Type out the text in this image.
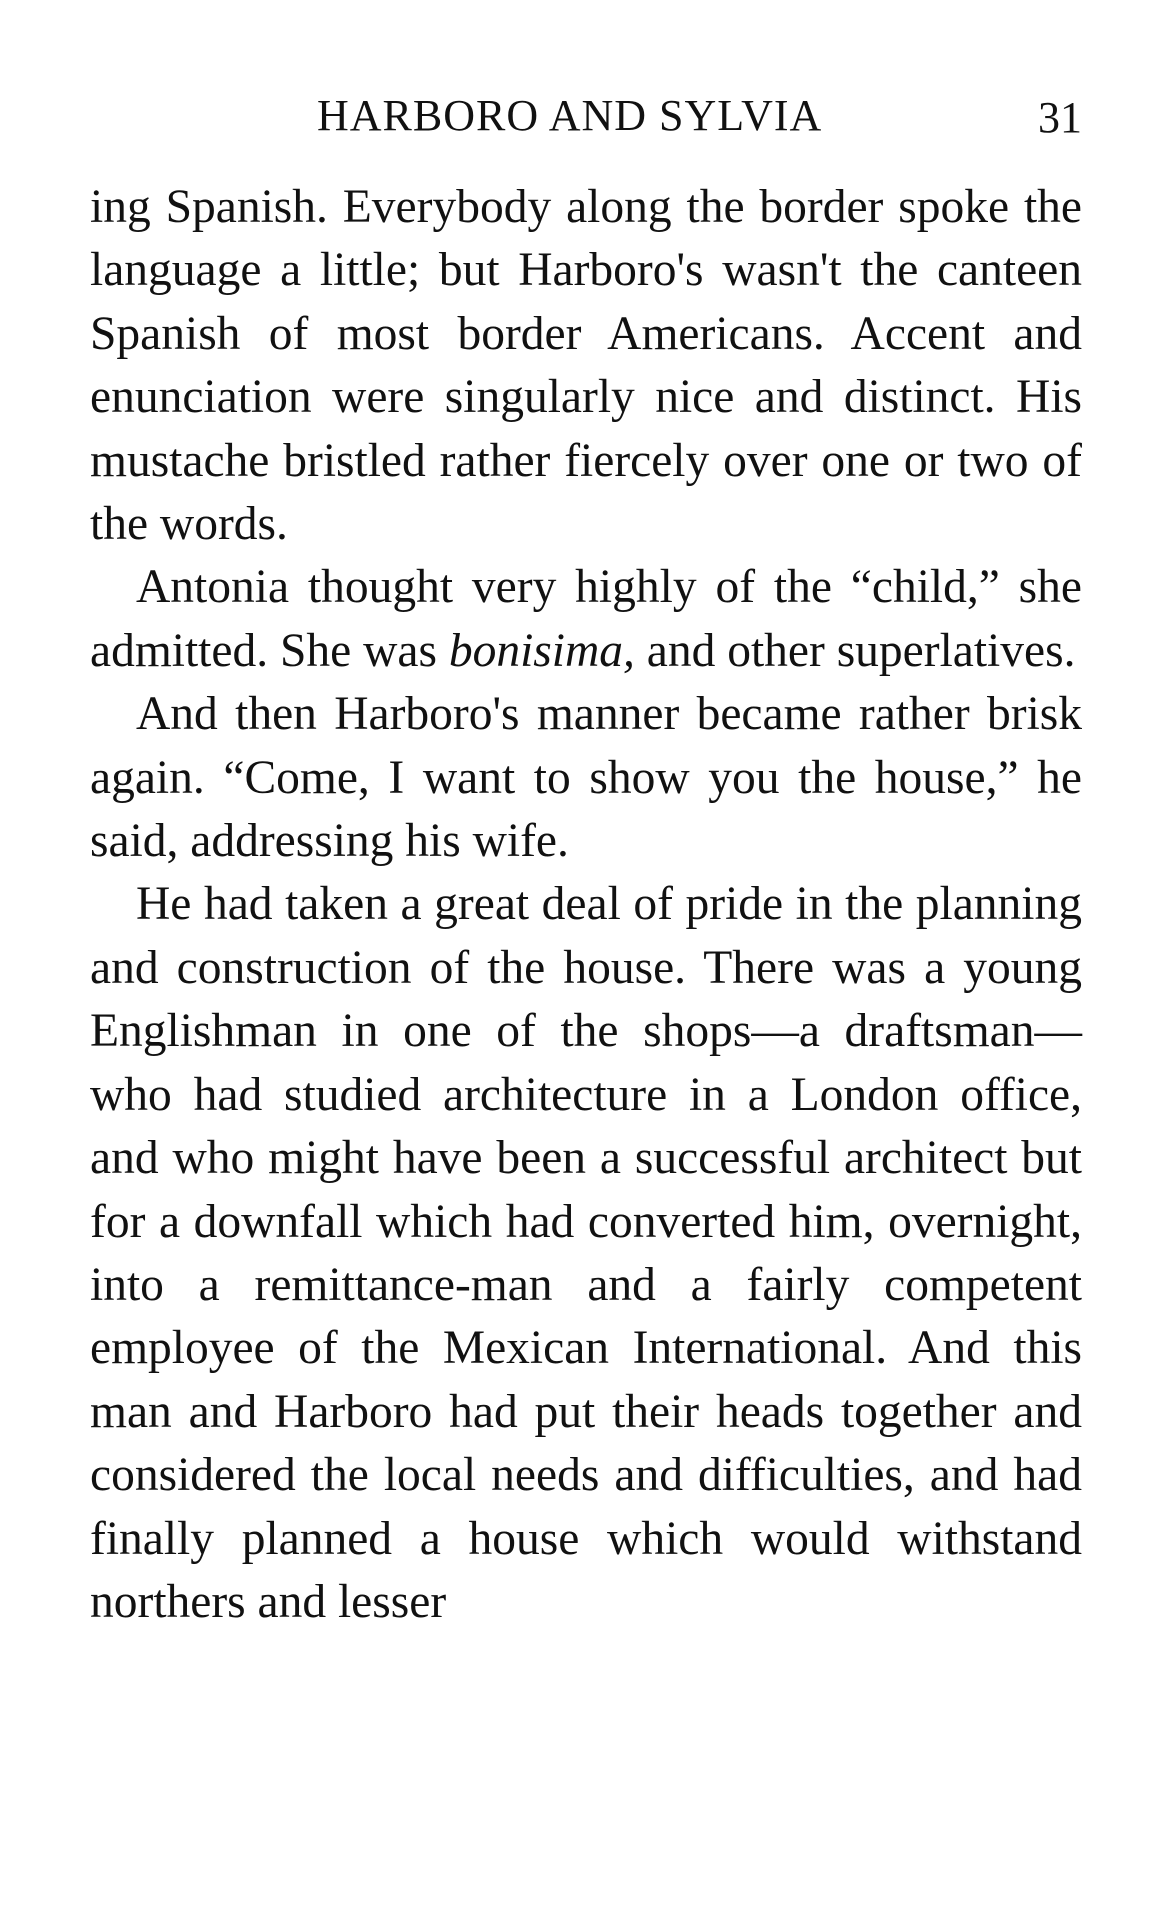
HARBORO AND SYLVIA	31

ing Spanish. Everybody along the border spoke the language a little; but Harboro's wasn't the canteen Spanish of most border Americans. Accent and enunciation were singularly nice and distinct. His mustache bristled rather fiercely over one or two of the words.

Antonia thought very highly of the “child,” she admitted. She was bonisima, and other superlatives.

And then Harboro's manner became rather brisk again. “Come, I want to show you the house,” he said, addressing his wife.

He had taken a great deal of pride in the planning and construction of the house. There was a young Englishman in one of the shops—a draftsman—who had studied architecture in a London office, and who might have been a successful architect but for a downfall which had converted him, overnight, into a remittance-man and a fairly competent employee of the Mexican International. And this man and Harboro had put their heads together and considered the local needs and difficulties, and had finally planned a house which would withstand northers and lesser
